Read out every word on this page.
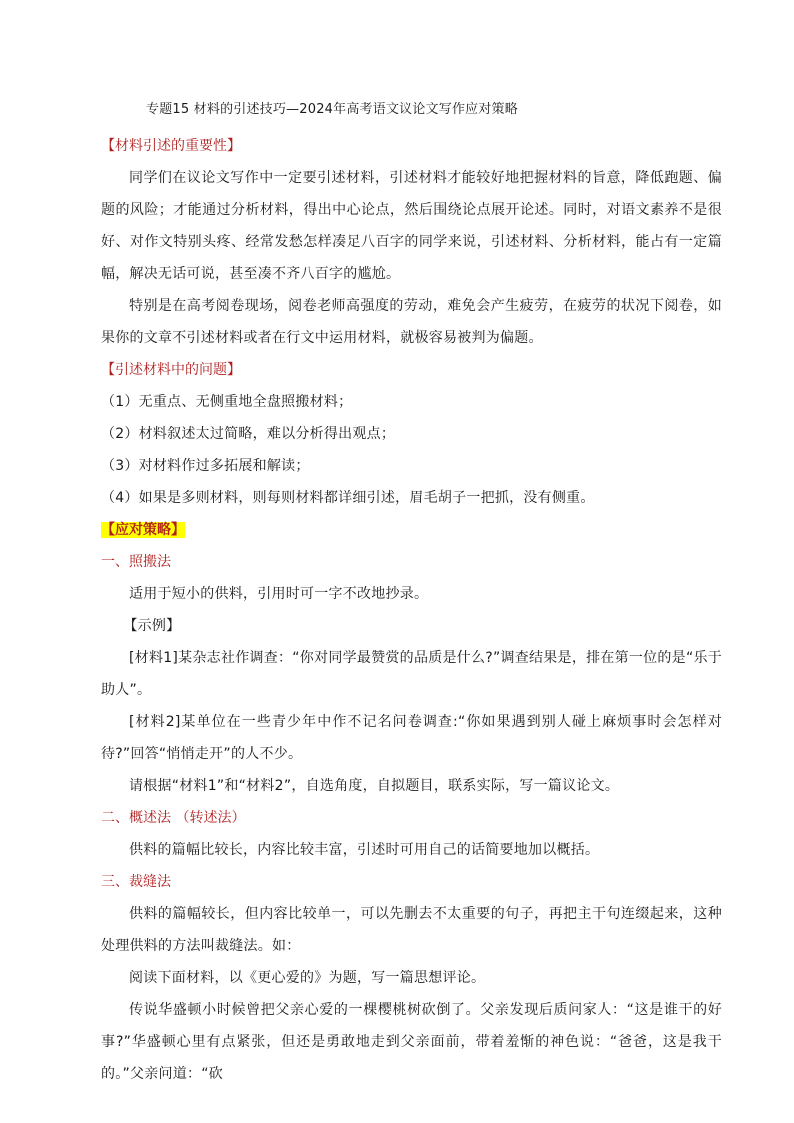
专题15 材料的引述技巧—2024年高考语文议论文写作应对策略

【材料引述的重要性】

同学们在议论文写作中一定要引述材料，引述材料才能较好地把握材料的旨意，降低跑题、偏题的风险；才能通过分析材料，得出中心论点，然后围绕论点展开论述。同时，对语文素养不是很好、对作文特别头疼、经常发愁怎样凑足八百字的同学来说，引述材料、分析材料，能占有一定篇幅，解决无话可说，甚至凑不齐八百字的尴尬。

特别是在高考阅卷现场，阅卷老师高强度的劳动，难免会产生疲劳，在疲劳的状况下阅卷，如果你的文章不引述材料或者在行文中运用材料，就极容易被判为偏题。

【引述材料中的问题】

（1）无重点、无侧重地全盘照搬材料；

（2）材料叙述太过简略，难以分析得出观点；

（3）对材料作过多拓展和解读；

（4）如果是多则材料，则每则材料都详细引述，眉毛胡子一把抓，没有侧重。

【应对策略】

一、照搬法

适用于短小的供料，引用时可一字不改地抄录。

【示例】

[材料1]某杂志社作调查：“你对同学最赞赏的品质是什么?”调查结果是，排在第一位的是“乐于助人”。

[材料2]某单位在一些青少年中作不记名问卷调查:“你如果遇到别人碰上麻烦事时会怎样对待?”回答“悄悄走开”的人不少。

请根据“材料1”和“材料2”，自选角度，自拟题目，联系实际，写一篇议论文。

二、概述法 （转述法）

供料的篇幅比较长，内容比较丰富，引述时可用自己的话简要地加以概括。

三、裁缝法

供料的篇幅较长，但内容比较单一，可以先删去不太重要的句子，再把主干句连缀起来，这种处理供料的方法叫裁缝法。如：

阅读下面材料，以《更心爱的》为题，写一篇思想评论。

传说华盛顿小时候曾把父亲心爱的一棵樱桃树砍倒了。父亲发现后质问家人：“这是谁干的好事?”华盛顿心里有点紧张，但还是勇敢地走到父亲面前，带着羞惭的神色说：“爸爸，这是我干的。”父亲问道：“砍
